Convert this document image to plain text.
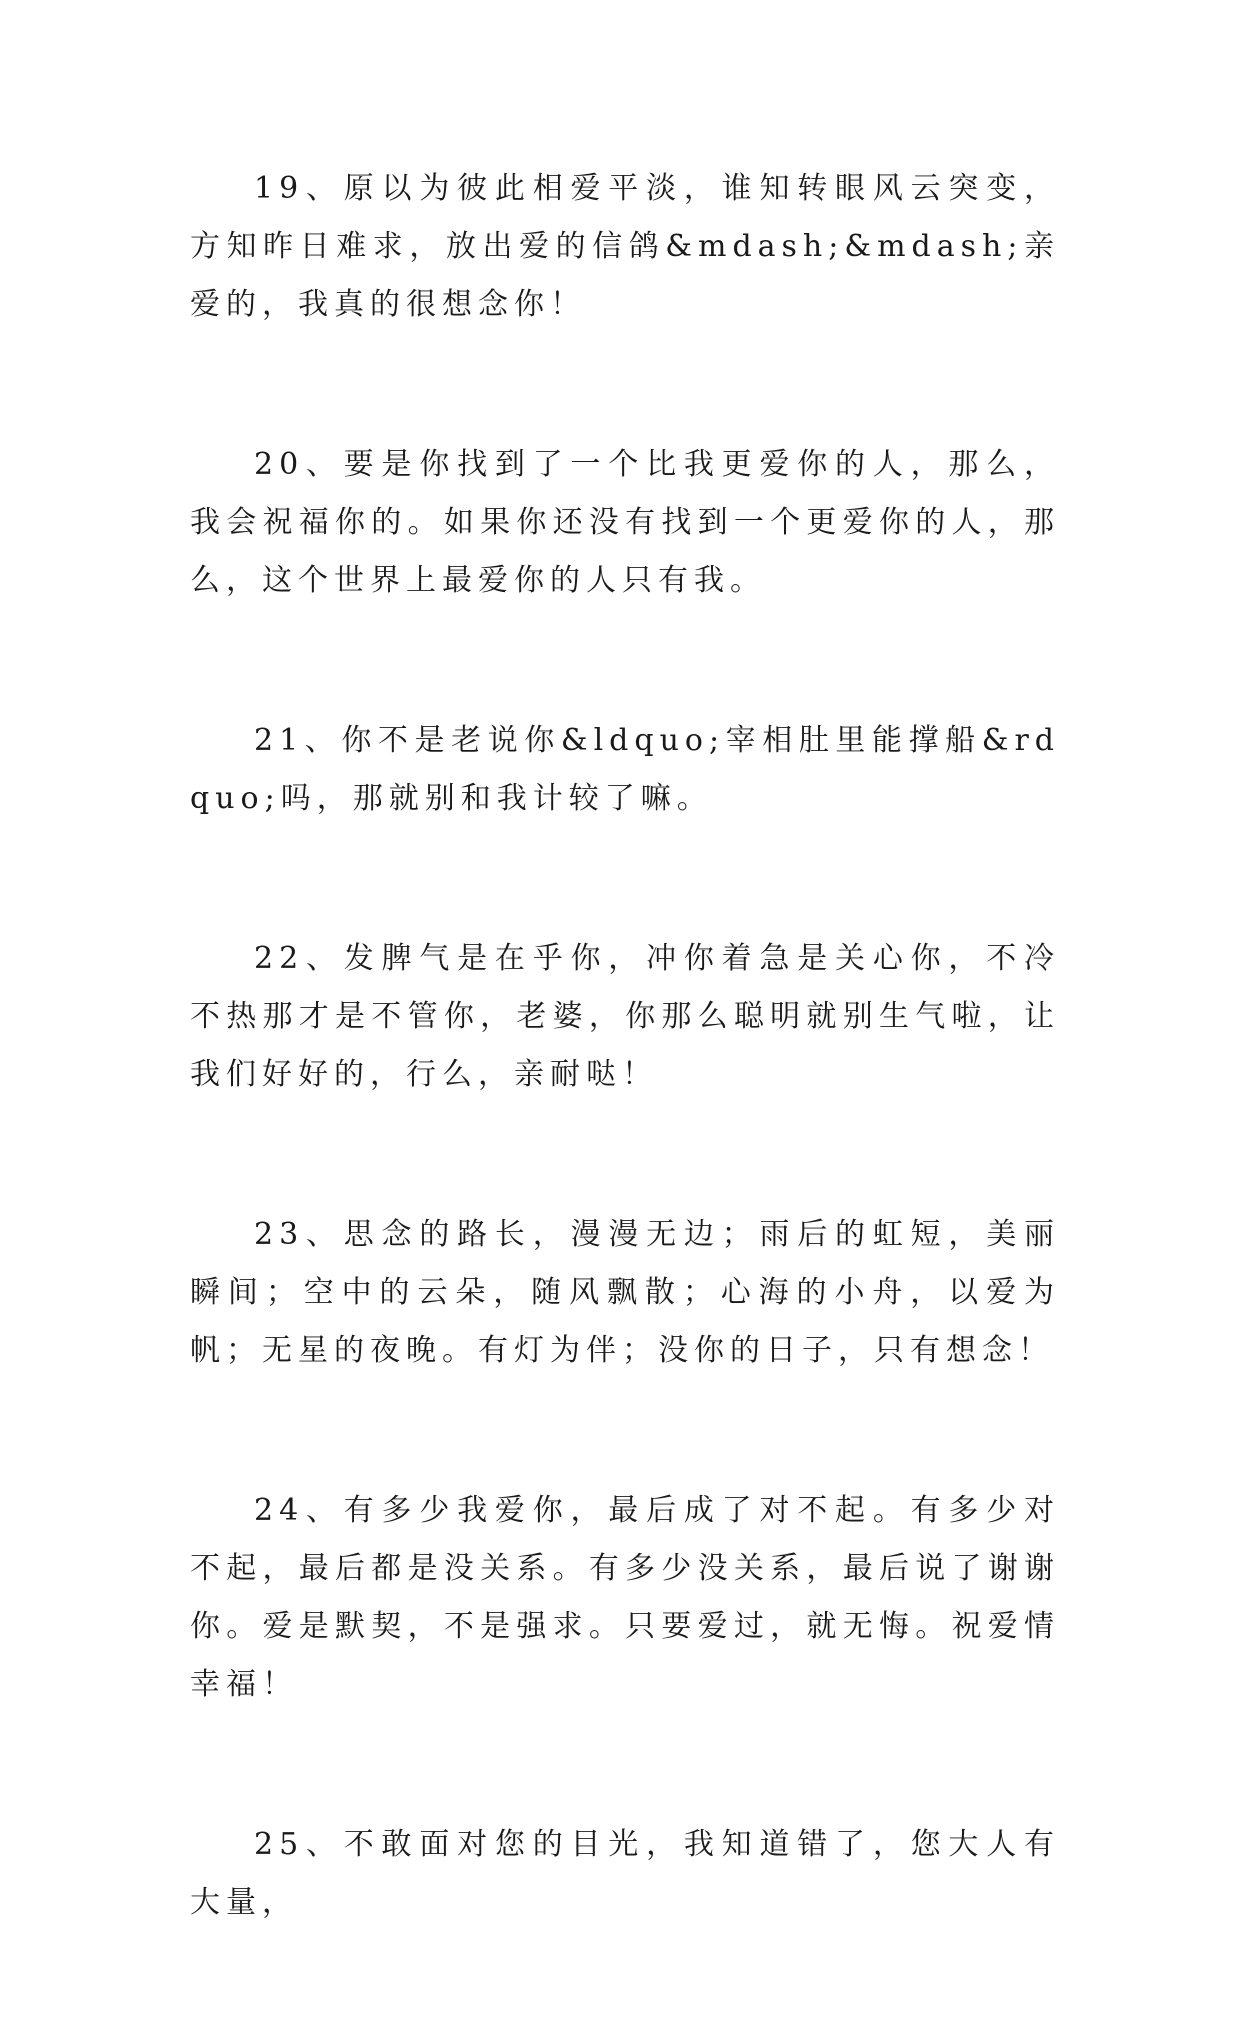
19、原以为彼此相爱平淡，谁知转眼风云突变，方知昨日难求，放出爱的信鸽&mdash;&mdash;亲爱的，我真的很想念你！

20、要是你找到了一个比我更爱你的人，那么，我会祝福你的。如果你还没有找到一个更爱你的人，那么，这个世界上最爱你的人只有我。

21、你不是老说你&ldquo;宰相肚里能撑船&rdquo;吗，那就别和我计较了嘛。

22、发脾气是在乎你，冲你着急是关心你，不冷不热那才是不管你，老婆，你那么聪明就别生气啦，让我们好好的，行么，亲耐哒！

23、思念的路长，漫漫无边；雨后的虹短，美丽瞬间；空中的云朵，随风飘散；心海的小舟，以爱为帆；无星的夜晚。有灯为伴；没你的日子，只有想念！

24、有多少我爱你，最后成了对不起。有多少对不起，最后都是没关系。有多少没关系，最后说了谢谢你。爱是默契，不是强求。只要爱过，就无悔。祝爱情幸福！

25、不敢面对您的目光，我知道错了，您大人有大量，
